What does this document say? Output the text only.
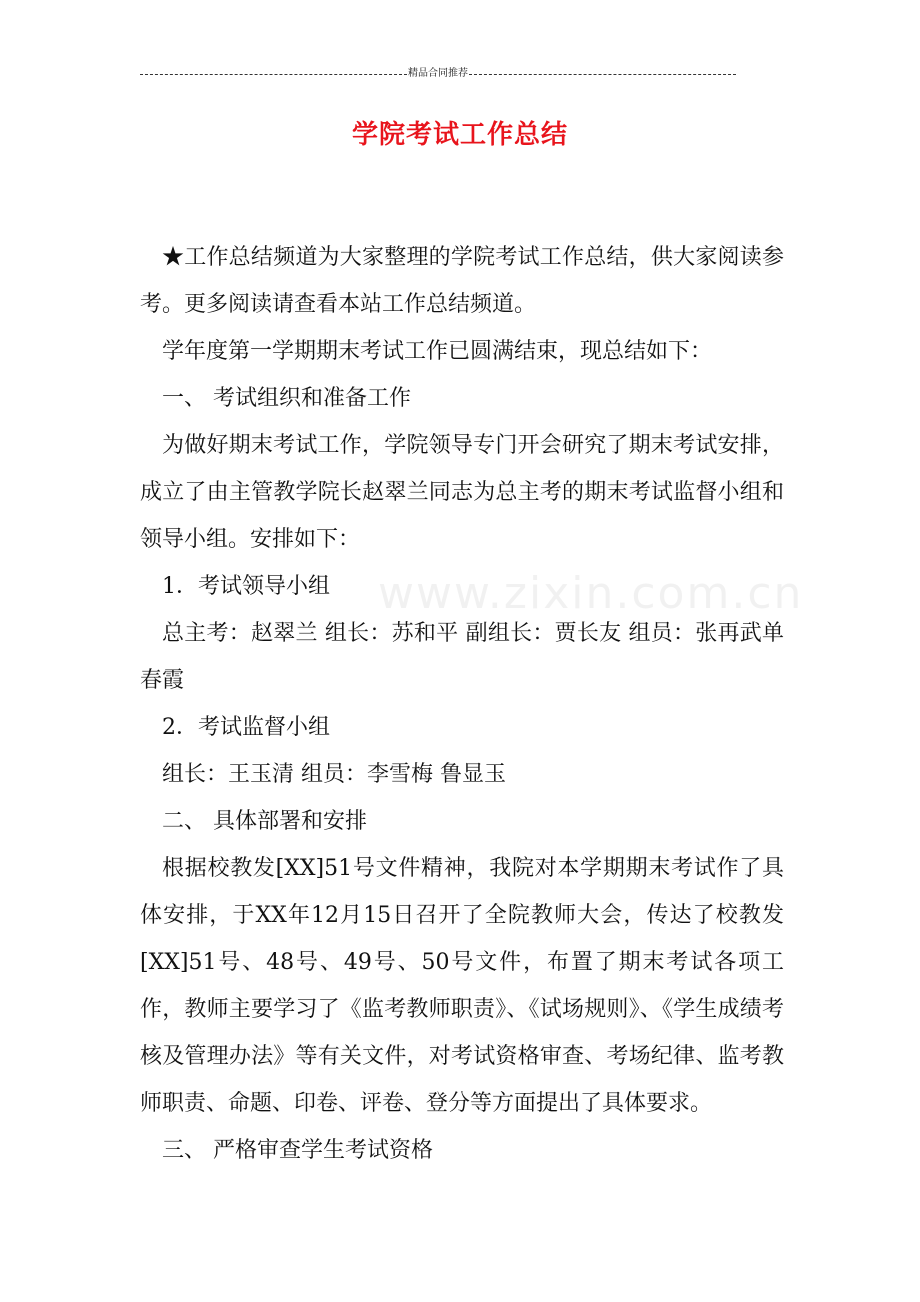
精品合同推荐
学院考试工作总结
www.zixin.com.cn

★工作总结频道为大家整理的学院考试工作总结，供大家阅读参考。更多阅读请查看本站工作总结频道。

学年度第一学期期末考试工作已圆满结束，现总结如下：

一、 考试组织和准备工作

为做好期末考试工作，学院领导专门开会研究了期末考试安排，成立了由主管教学院长赵翠兰同志为总主考的期末考试监督小组和领导小组。安排如下：

1．考试领导小组

总主考：赵翠兰 组长：苏和平 副组长：贾长友 组员：张再武单春霞

2．考试监督小组

组长：王玉清 组员：李雪梅 鲁显玉

二、 具体部署和安排

根据校教发[XX]51号文件精神，我院对本学期期末考试作了具体安排，于XX年12月15日召开了全院教师大会，传达了校教发[XX]51号、48号、49号、50号文件，布置了期末考试各项工作，教师主要学习了《监考教师职责》、《试场规则》、《学生成绩考核及管理办法》等有关文件，对考试资格审查、考场纪律、监考教师职责、命题、印卷、评卷、登分等方面提出了具体要求。

三、 严格审查学生考试资格
